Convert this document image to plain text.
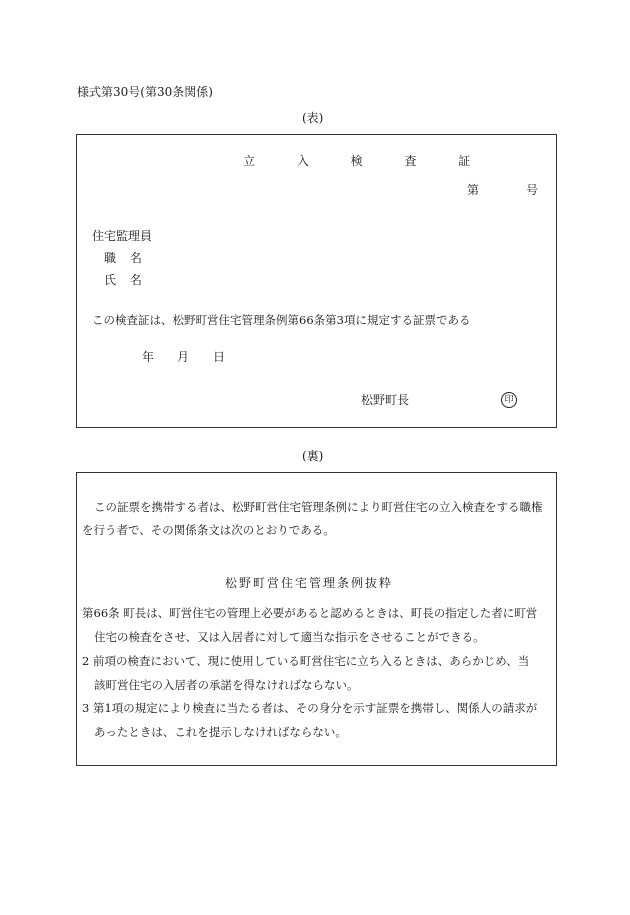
様式第30号(第30条関係)
(表)
立 入 検 査 証
第	号
住宅監理員
職 名
氏 名
この検査証は、松野町営住宅管理条例第66条第3項に規定する証票である
年 月 日
松野町長	印
(裏)
この証票を携帯する者は、松野町営住宅管理条例により町営住宅の立入検査をする職権
を行う者で、その関係条文は次のとおりである。
松野町営住宅管理条例抜粋
第66条 町長は、町営住宅の管理上必要があると認めるときは、町長の指定した者に町営
住宅の検査をさせ、又は入居者に対して適当な指示をさせることができる。
2 前項の検査において、現に使用している町営住宅に立ち入るときは、あらかじめ、当
該町営住宅の入居者の承諾を得なければならない。
3 第1項の規定により検査に当たる者は、その身分を示す証票を携帯し、関係人の請求が
あったときは、これを提示しなければならない。
